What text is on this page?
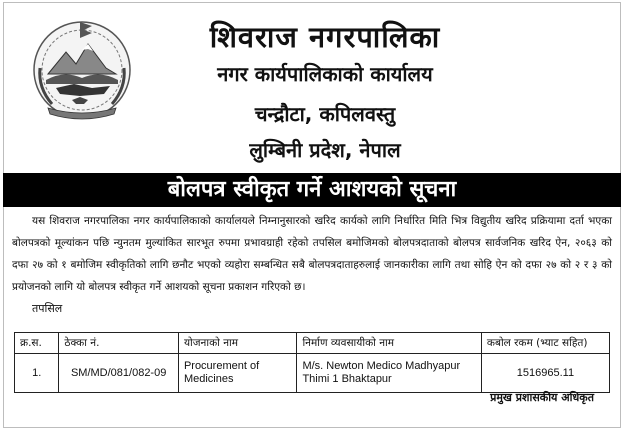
शिवराज नगरपालिका
नगर कार्यपालिकाको कार्यालय
चन्द्रौटा, कपिलवस्तु
लुम्बिनी प्रदेश, नेपाल
बोलपत्र स्वीकृत गर्ने आशयको सूचना
यस शिवराज नगरपालिका नगर कार्यपालिकाको कार्यालयले निम्नानुसारको खरिद कार्यको लागि निर्धारित मिति भित्र विद्युतीय खरिद प्रक्रियामा दर्ता भएका बोलपत्रको मूल्यांकन पछि न्युनतम मुल्यांकित सारभूत रुपमा प्रभावग्राही रहेको तपसिल बमोजिमको बोलपत्रदाताको बोलपत्र सार्वजनिक खरिद ऐन, २०६३ को दफा २७ को १ बमोजिम स्वीकृतिको लागि छनौट भएको व्यहोरा सम्बन्धित सबै बोलपत्रदाताहरुलाई जानकारीका लागि तथा सोहि ऐन को दफा २७ को २ र ३ को प्रयोजनको लागि यो बोलपत्र स्वीकृत गर्ने आशयको सूचना प्रकाशन गरिएको छ।
तपसिल
क्र.स.	ठेक्का नं.	योजनाको नाम	निर्माण व्यवसायीको नाम	कबोल रकम (भ्याट सहित)
1.	SM/MD/081/082-09	Procurement of Medicines	M/s. Newton Medico Madhyapur Thimi 1 Bhaktapur	1516965.11
प्रमुख प्रशासकीय अधिकृत
